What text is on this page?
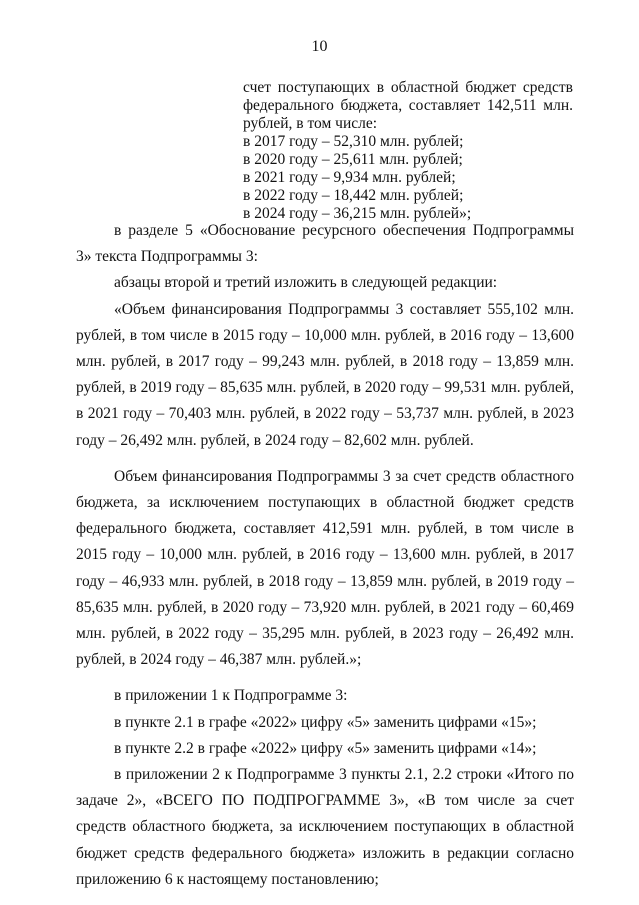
10
счет поступающих в областной бюджет средств
федерального бюджета, составляет 142,511 млн.
рублей, в том числе:
в 2017 году – 52,310 млн. рублей;
в 2020 году – 25,611 млн. рублей;
в 2021 году – 9,934 млн. рублей;
в 2022 году – 18,442 млн. рублей;
в 2024 году – 36,215 млн. рублей»;

в разделе 5 «Обоснование ресурсного обеспечения Подпрограммы 3» текста Подпрограммы 3:

абзацы второй и третий изложить в следующей редакции:

«Объем финансирования Подпрограммы 3 составляет 555,102 млн. рублей, в том числе в 2015 году – 10,000 млн. рублей, в 2016 году – 13,600 млн. рублей, в 2017 году – 99,243 млн. рублей, в 2018 году – 13,859 млн. рублей, в 2019 году – 85,635 млн. рублей, в 2020 году – 99,531 млн. рублей, в 2021 году – 70,403 млн. рублей, в 2022 году – 53,737 млн. рублей, в 2023 году – 26,492 млн. рублей, в 2024 году – 82,602 млн. рублей.

Объем финансирования Подпрограммы 3 за счет средств областного бюджета, за исключением поступающих в областной бюджет средств федерального бюджета, составляет 412,591 млн. рублей, в том числе в 2015 году – 10,000 млн. рублей, в 2016 году – 13,600 млн. рублей, в 2017 году – 46,933 млн. рублей, в 2018 году – 13,859 млн. рублей, в 2019 году – 85,635 млн. рублей, в 2020 году – 73,920 млн. рублей, в 2021 году – 60,469 млн. рублей, в 2022 году – 35,295 млн. рублей, в 2023 году – 26,492 млн. рублей, в 2024 году – 46,387 млн. рублей.»;

в приложении 1 к Подпрограмме 3:

в пункте 2.1 в графе «2022» цифру «5» заменить цифрами «15»;

в пункте 2.2 в графе «2022» цифру «5» заменить цифрами «14»;

в приложении 2 к Подпрограмме 3 пункты 2.1, 2.2 строки «Итого по задаче 2», «ВСЕГО ПО ПОДПРОГРАММЕ 3», «В том числе за счет средств областного бюджета, за исключением поступающих в областной бюджет средств федерального бюджета» изложить в редакции согласно приложению 6 к настоящему постановлению;
